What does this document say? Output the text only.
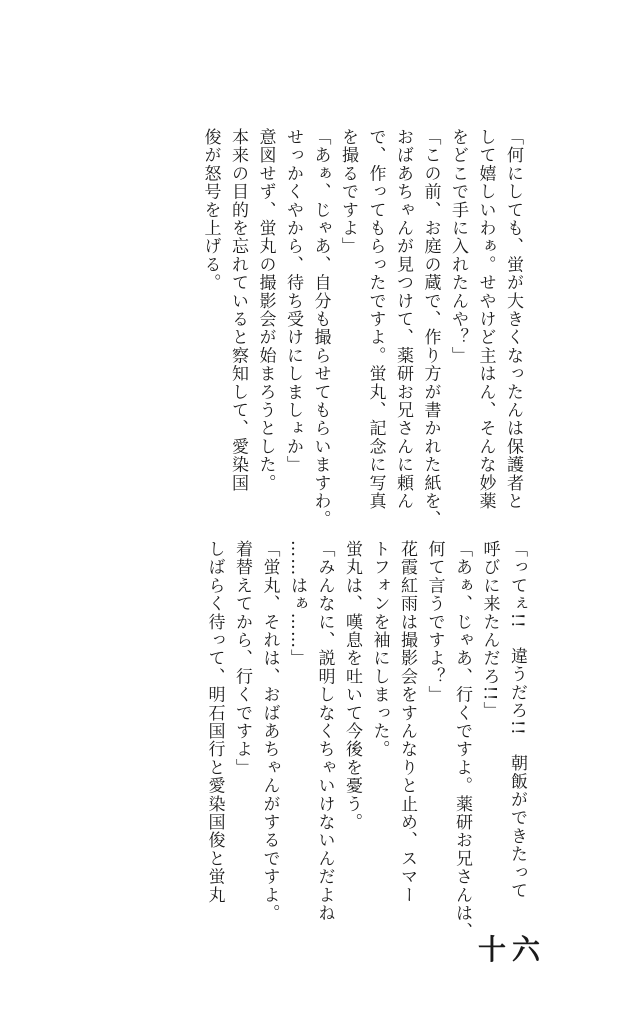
「何にしても、蛍が大きくなったんは保護者と
して嬉しいわぁ。せやけど主はん、そんな妙薬
をどこで手に入れたんや？」
「この前、お庭の蔵で、作り方が書かれた紙を、
おばあちゃんが見つけて、薬研お兄さんに頼ん
で、作ってもらったですよ。蛍丸、記念に写真
を撮るですよ」
「あぁ、じゃあ、自分も撮らせてもらいますわ。
せっかくやから、待ち受けにしましょか」
意図せず、蛍丸の撮影会が始まろうとした。
本来の目的を忘れていると察知して、愛染国
俊が怒号を上げる。
「ってぇ!!　違うだろ!!　朝飯ができたって
呼びに来たんだろ!!」
「あぁ、じゃあ、行くですよ。薬研お兄さんは、
何て言うですよ？」
花霞紅雨は撮影会をすんなりと止め、スマー
トフォンを袖にしまった。
蛍丸は、嘆息を吐いて今後を憂う。
「みんなに、説明しなくちゃいけないんだよね
……はぁ……」
「蛍丸、それは、おばあちゃんがするですよ。
着替えてから、行くですよ」
しばらく待って、明石国行と愛染国俊と蛍丸
十六
